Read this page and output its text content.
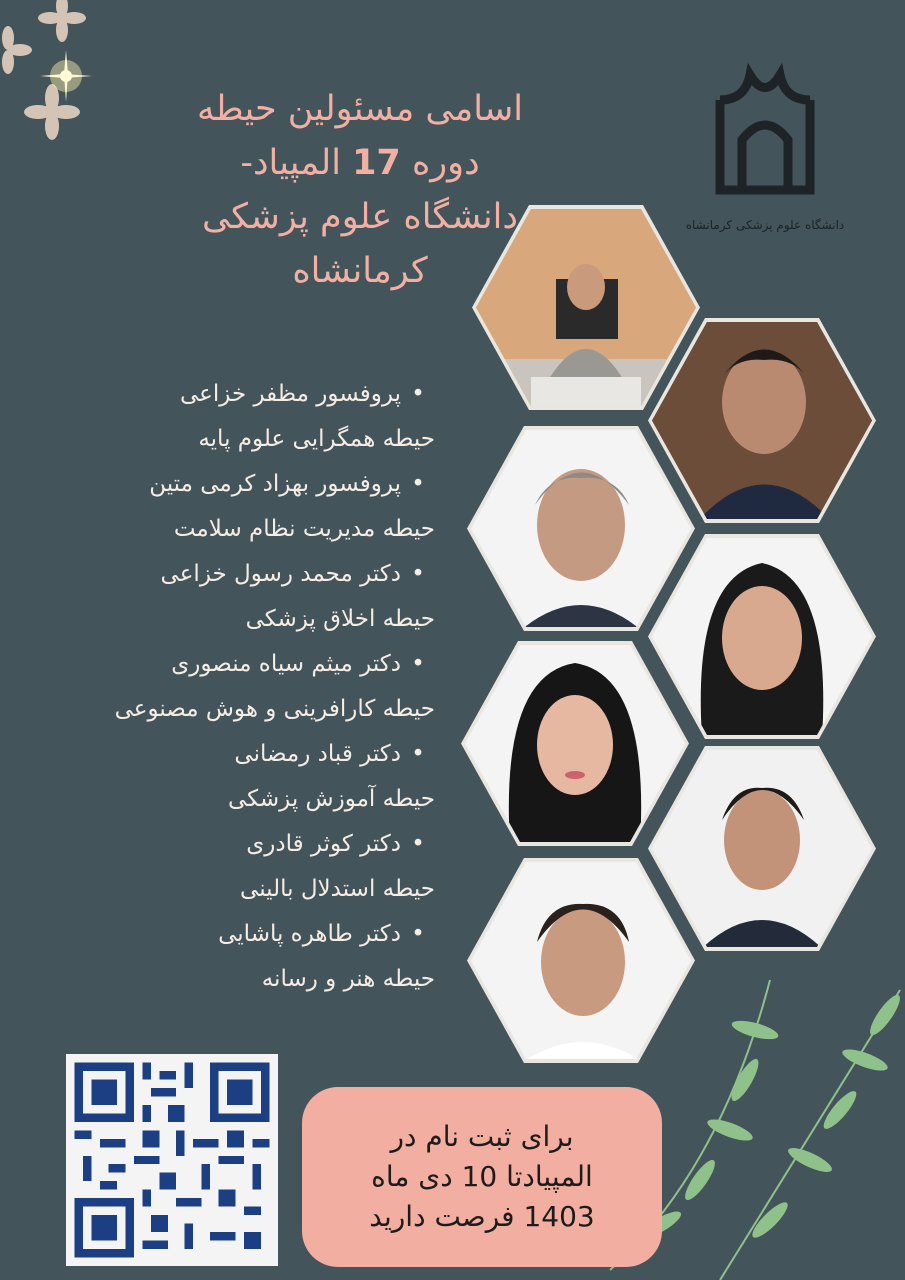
اسامی مسئولین حیطه
دوره 17 المپیاد-
دانشگاه علوم پزشکی
کرمانشاه
دانشگاه علوم پزشکی کرمانشاه
• پروفسور مظفر خزاعی
حیطه همگرایی علوم پایه
• پروفسور بهزاد کرمی متین
حیطه مدیریت نظام سلامت
• دکتر محمد رسول خزاعی
حیطه اخلاق پزشکی
• دکتر میثم سیاه منصوری
حیطه کارافرینی و هوش مصنوعی
• دکتر قباد رمضانی
حیطه آموزش پزشکی
• دکتر کوثر قادری
حیطه استدلال بالینی
• دکتر طاهره پاشایی
حیطه هنر و رسانه
برای ثبت نام در
المپیادتا 10 دی ماه
1403 فرصت دارید
